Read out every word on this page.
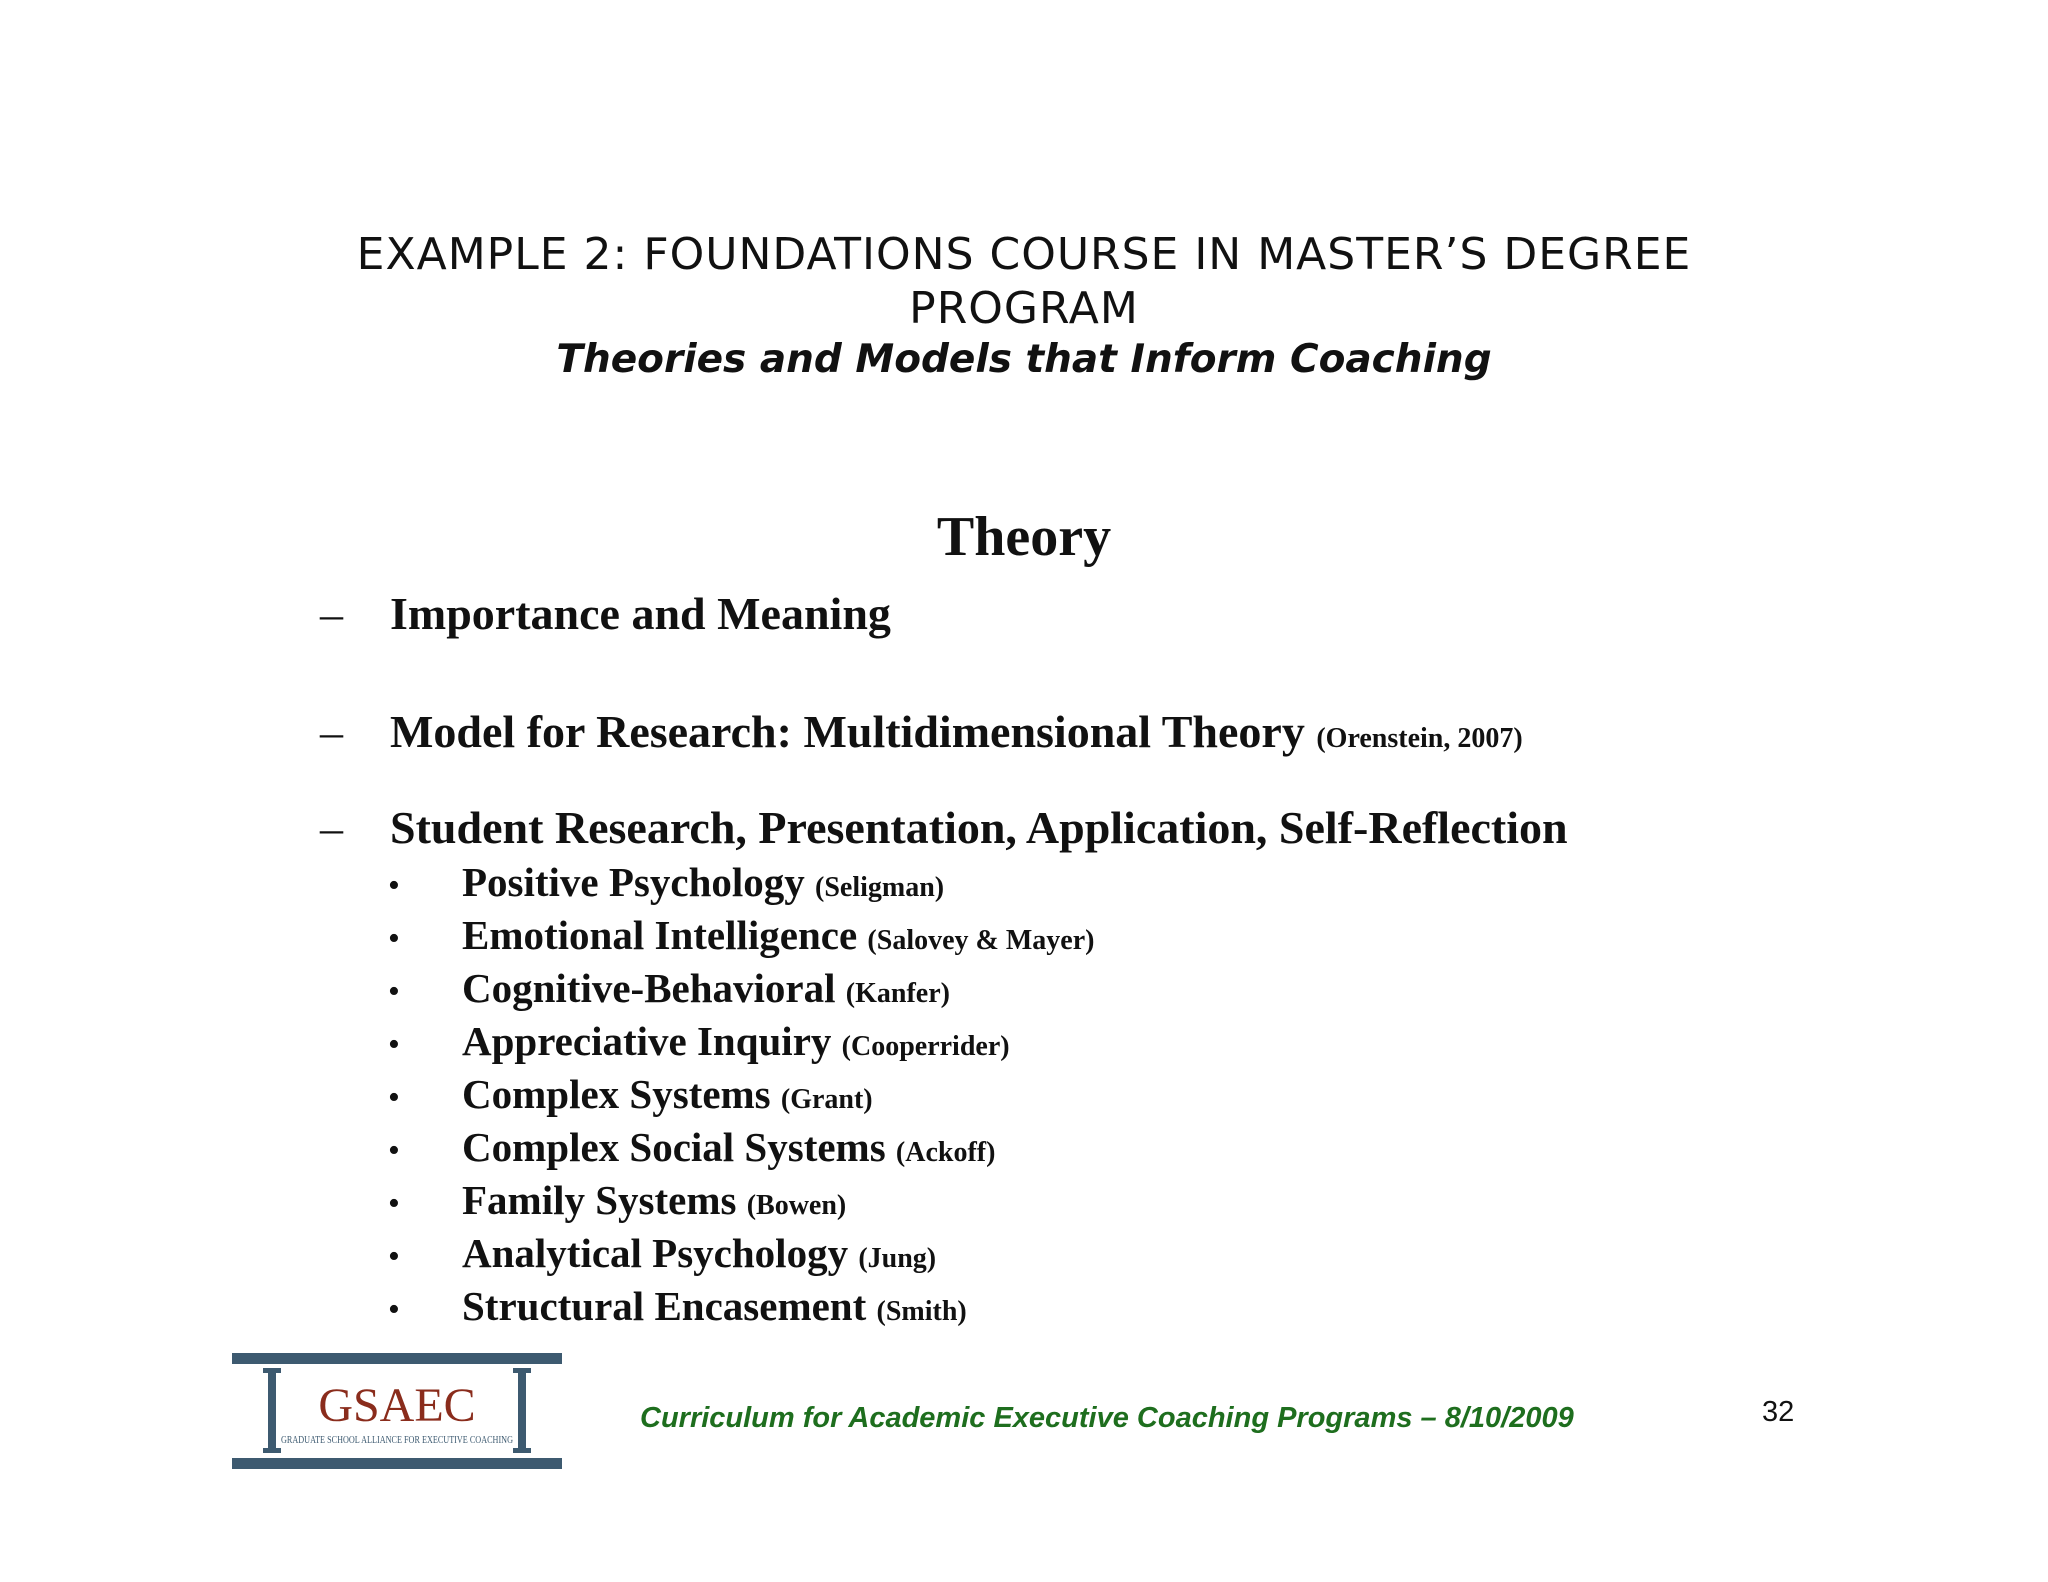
EXAMPLE 2: FOUNDATIONS COURSE IN MASTER’S DEGREE
PROGRAM
Theories and Models that Inform Coaching
Theory
– Importance and Meaning
– Model for Research: Multidimensional Theory (Orenstein, 2007)
– Student Research, Presentation, Application, Self-Reflection
• Positive Psychology (Seligman)
• Emotional Intelligence (Salovey & Mayer)
• Cognitive-Behavioral (Kanfer)
• Appreciative Inquiry (Cooperrider)
• Complex Systems (Grant)
• Complex Social Systems (Ackoff)
• Family Systems (Bowen)
• Analytical Psychology (Jung)
• Structural Encasement (Smith)
GSAEC
GRADUATE SCHOOL ALLIANCE FOR EXECUTIVE COACHING
Curriculum for Academic Executive Coaching Programs – 8/10/2009	32
